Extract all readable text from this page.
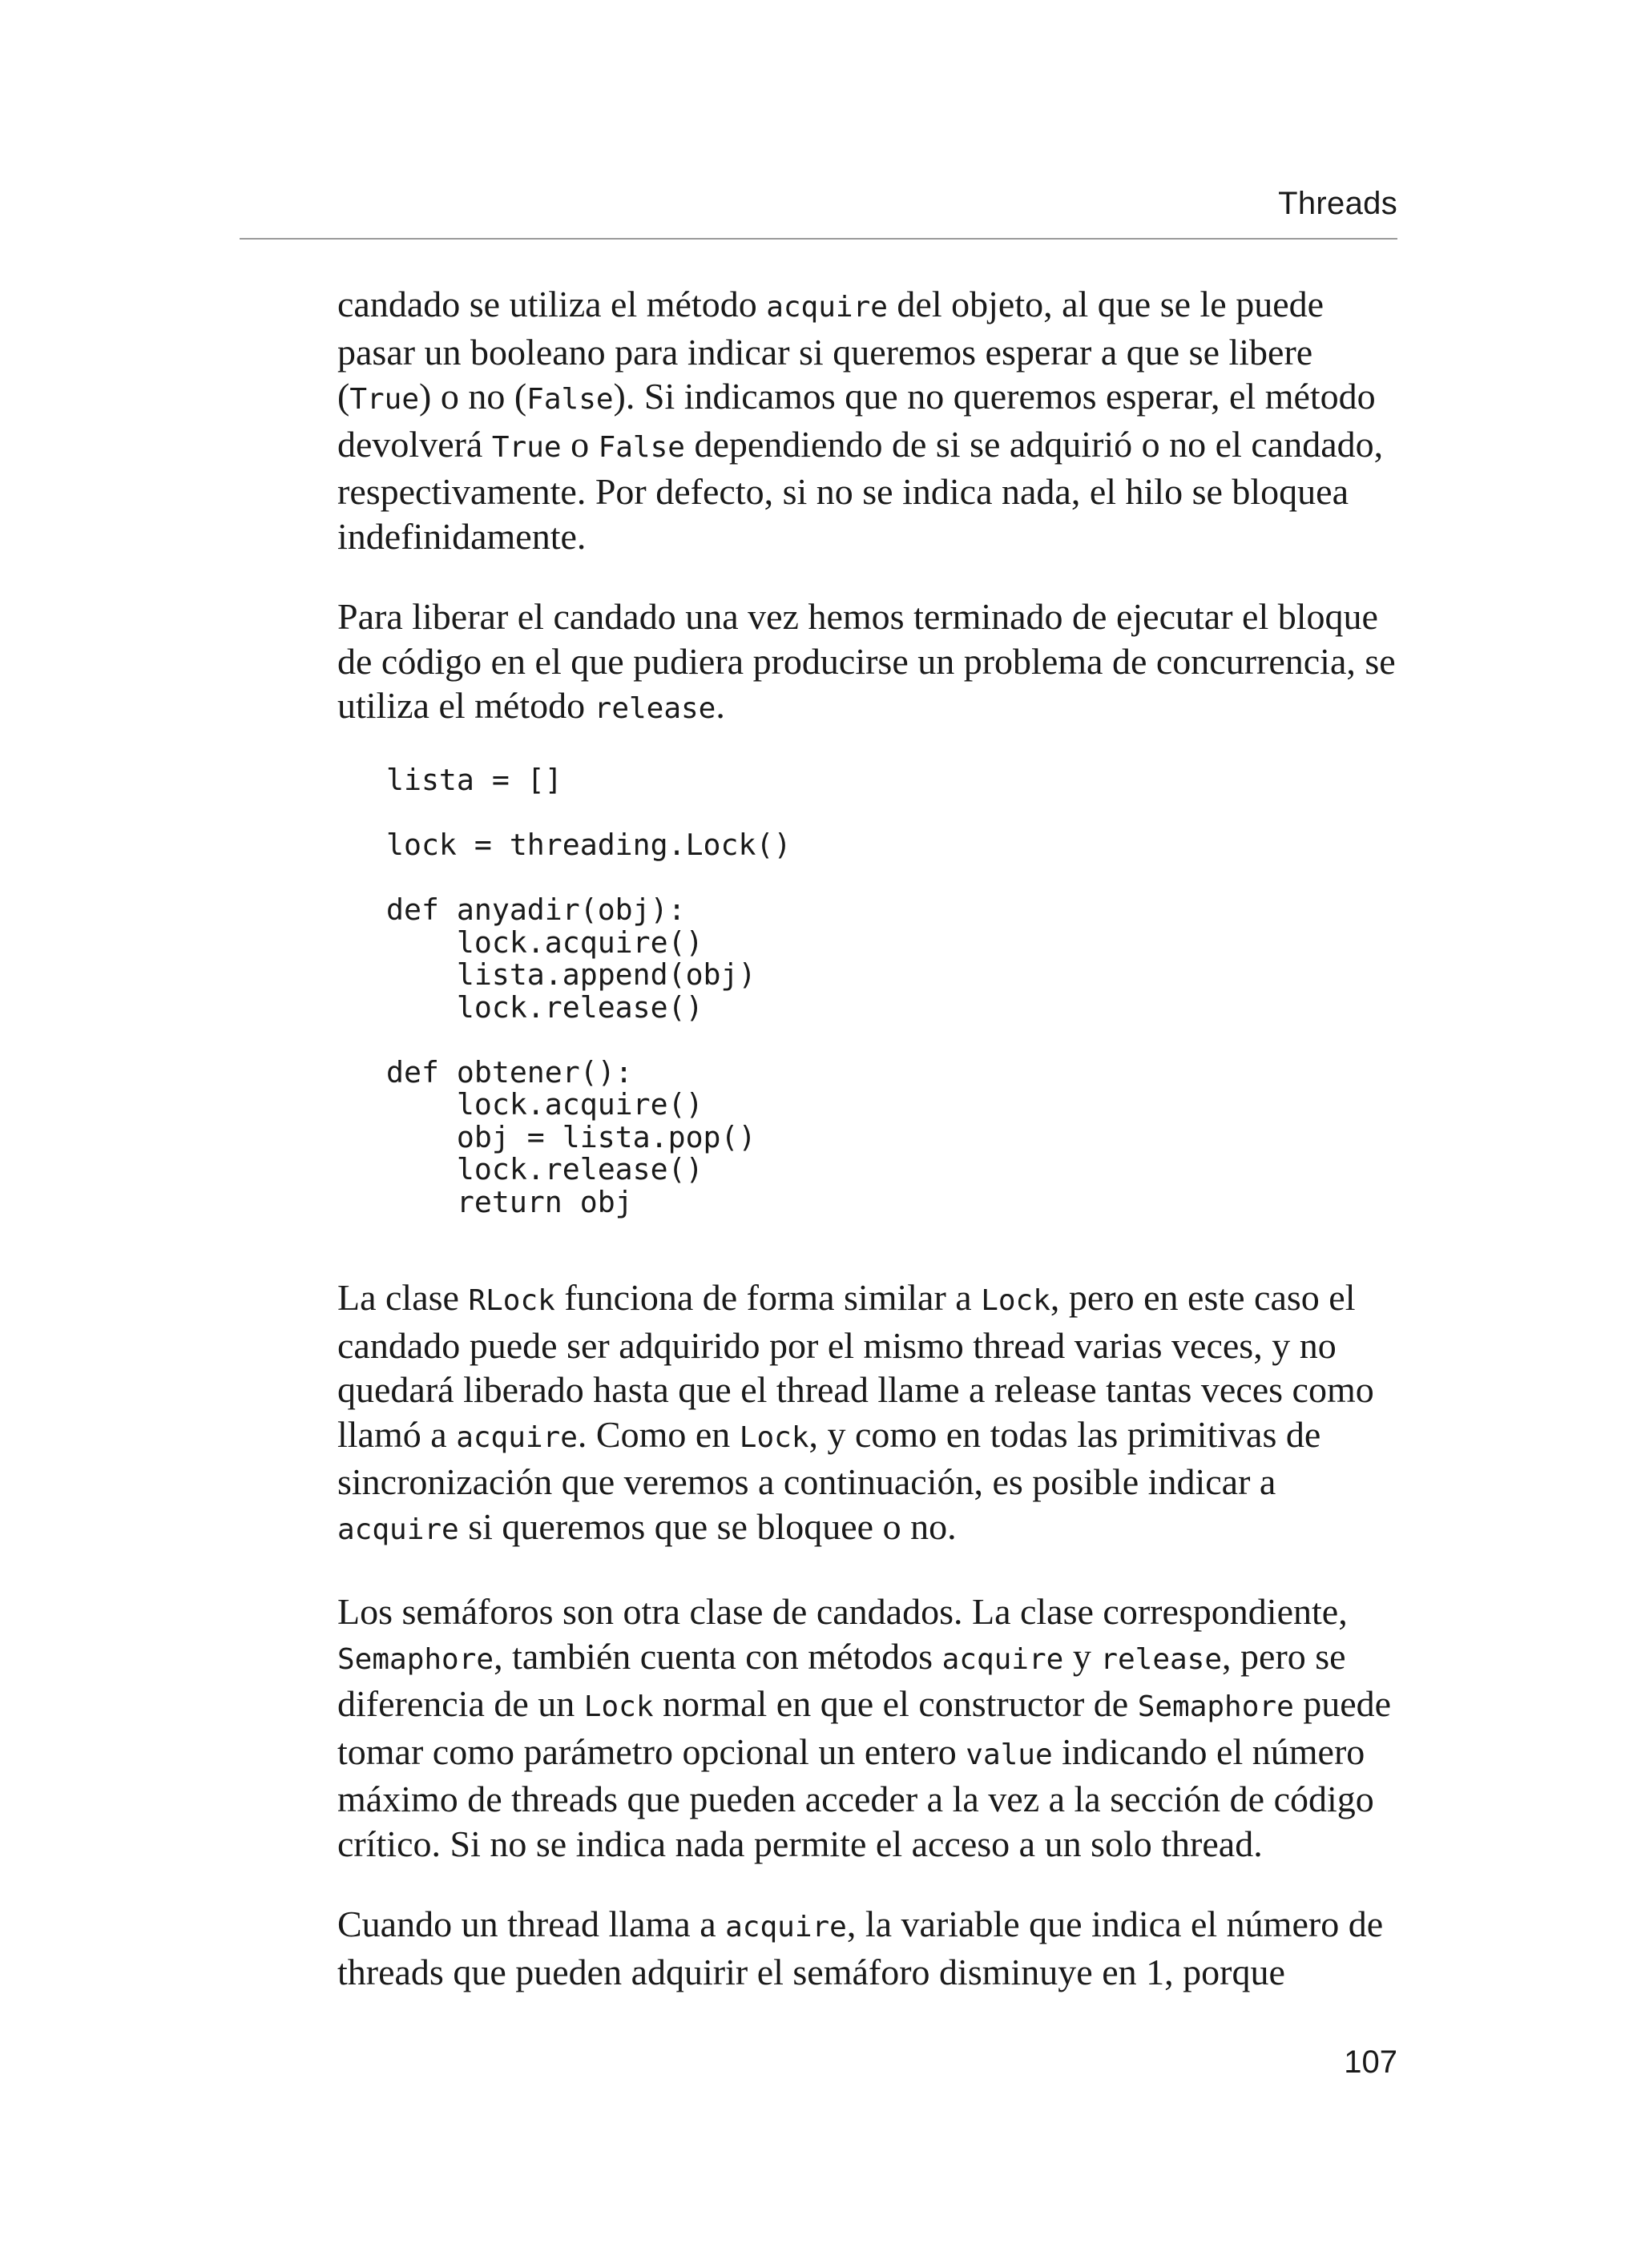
Threads

candado se utiliza el método acquire del objeto, al que se le puede pasar un booleano para indicar si queremos esperar a que se libere (True) o no (False). Si indicamos que no queremos esperar, el método devolverá True o False dependiendo de si se adquirió o no el candado, respectivamente. Por defecto, si no se indica nada, el hilo se bloquea indefinidamente.

Para liberar el candado una vez hemos terminado de ejecutar el bloque de código en el que pudiera producirse un problema de concurrencia, se utiliza el método release.

lista = []

lock = threading.Lock()

def anyadir(obj):
lock.acquire()
lista.append(obj)
lock.release()

def obtener():
lock.acquire()
obj = lista.pop()
lock.release()
return obj

La clase RLock funciona de forma similar a Lock, pero en este caso el candado puede ser adquirido por el mismo thread varias veces, y no quedará liberado hasta que el thread llame a release tantas veces como llamó a acquire. Como en Lock, y como en todas las primitivas de sincronización que veremos a continuación, es posible indicar a acquire si queremos que se bloquee o no.

Los semáforos son otra clase de candados. La clase correspondiente, Semaphore, también cuenta con métodos acquire y release, pero se diferencia de un Lock normal en que el constructor de Semaphore puede tomar como parámetro opcional un entero value indicando el número máximo de threads que pueden acceder a la vez a la sección de código crítico. Si no se indica nada permite el acceso a un solo thread.

Cuando un thread llama a acquire, la variable que indica el número de threads que pueden adquirir el semáforo disminuye en 1, porque

107
